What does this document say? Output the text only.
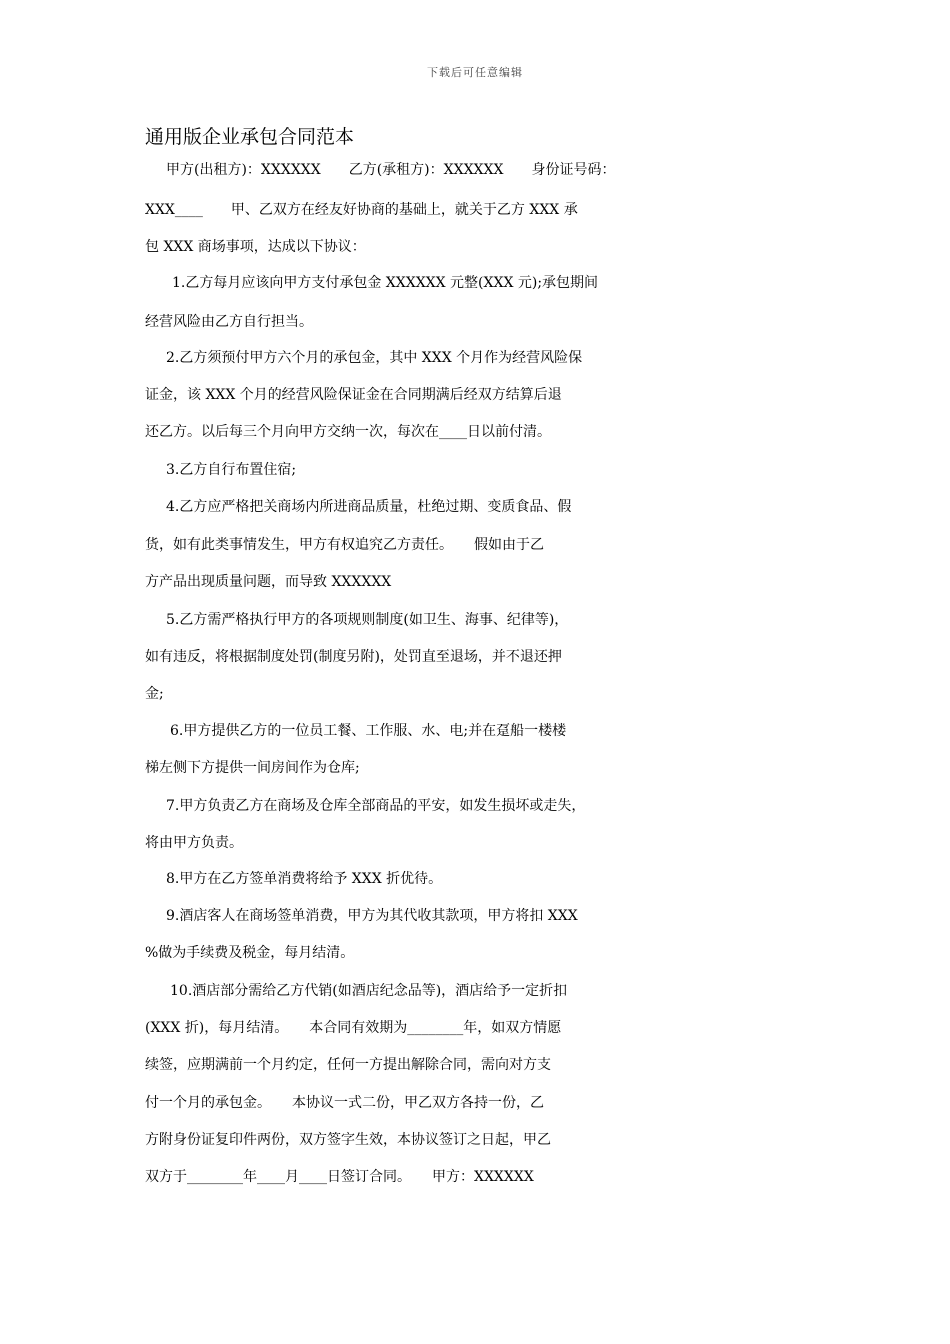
下载后可任意编辑
通用版企业承包合同范本
甲方(出租方)：XXXXXX　　乙方(承租方)：XXXXXX　　身份证号码：
XXX____　　甲、乙双方在经友好协商的基础上，就关于乙方 XXX 承
包 XXX 商场事项，达成以下协议：
1.乙方每月应该向甲方支付承包金 XXXXXX 元整(XXX 元);承包期间
经营风险由乙方自行担当。
2.乙方须预付甲方六个月的承包金，其中 XXX 个月作为经营风险保
证金，该 XXX 个月的经营风险保证金在合同期满后经双方结算后退
还乙方。以后每三个月向甲方交纳一次，每次在____日以前付清。
3.乙方自行布置住宿;
4.乙方应严格把关商场内所进商品质量，杜绝过期、变质食品、假
货，如有此类事情发生，甲方有权追究乙方责任。　　假如由于乙
方产品出现质量问题，而导致 XXXXXX
5.乙方需严格执行甲方的各项规则制度(如卫生、海事、纪律等)，
如有违反，将根据制度处罚(制度另附)，处罚直至退场，并不退还押
金;
6.甲方提供乙方的一位员工餐、工作服、水、电;并在趸船一楼楼
梯左侧下方提供一间房间作为仓库;
7.甲方负责乙方在商场及仓库全部商品的平安，如发生损坏或走失，
将由甲方负责。
8.甲方在乙方签单消费将给予 XXX 折优待。
9.酒店客人在商场签单消费，甲方为其代收其款项，甲方将扣 XXX
%做为手续费及税金，每月结清。
10.酒店部分需给乙方代销(如酒店纪念品等)，酒店给予一定折扣
(XXX 折)，每月结清。　　本合同有效期为________年，如双方情愿
续签，应期满前一个月约定，任何一方提出解除合同，需向对方支
付一个月的承包金。　　本协议一式二份，甲乙双方各持一份，乙
方附身份证复印件两份，双方签字生效，本协议签订之日起，甲乙
双方于________年____月____日签订合同。　　甲方：XXXXXX
